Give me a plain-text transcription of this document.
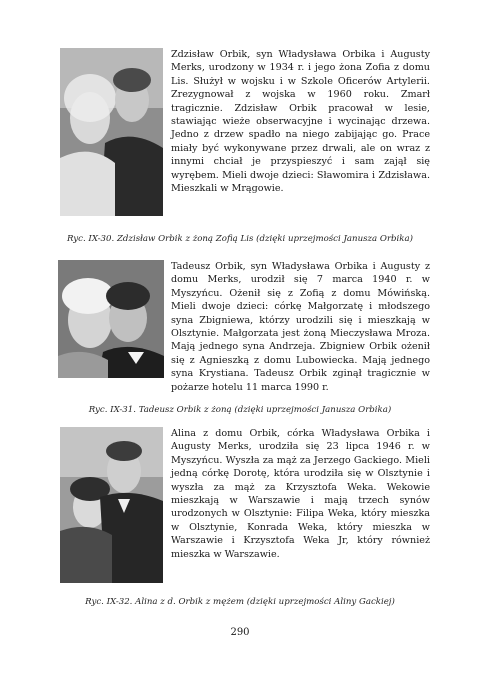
Zdzisław Orbik, syn Władysława Orbika i Augusty Merks, urodzony w 1934 r. i jego żona Zofia z domu Lis. Służył w wojsku i w Szkole Oficerów Artylerii. Zrezygnował z wojska w 1960 roku. Zmarł tragicznie. Zdzisław Orbik pracował w lesie, stawiając wieże obserwacyjne i wycinając drzewa. Jedno z drzew spadło na niego zabijając go. Prace miały być wykonywane przez drwali, ale on wraz z innymi chciał je przyspieszyć i sam zajął się wyrębem. Mieli dwoje dzieci: Sławomira i Zdzisława. Mieszkali w Mrągowie.

Ryc. IX-30. Zdzisław Orbik z żoną Zofią Lis (dzięki uprzejmości Janusza Orbika)

Tadeusz Orbik, syn Władysława Orbika i Augusty z domu Merks, urodził się 7 marca 1940 r. w Myszyńcu. Ożenił się z Zofią z domu Mówińską. Mieli dwoje dzieci: córkę Małgorzatę i młodszego syna Zbigniewa, którzy urodzili się i mieszkają w Olsztynie. Małgorzata jest żoną Mieczysława Mroza. Mają jednego syna Andrzeja. Zbigniew Orbik ożenił się z Agnieszką z domu Lubowiecka. Mają jednego syna Krystiana. Tadeusz Orbik zginął tragicznie w pożarze hotelu 11 marca 1990 r.

Ryc. IX-31. Tadeusz Orbik z żoną (dzięki uprzejmości Janusza Orbika)

Alina z domu Orbik, córka Władysława Orbika i Augusty Merks, urodziła się 23 lipca 1946 r. w Myszyńcu. Wyszła za mąż za Jerzego Gackiego. Mieli jedną córkę Dorotę, która urodziła się w Olsztynie i wyszła za mąż za Krzysztofa Weka. Wekowie mieszkają w Warszawie i mają trzech synów urodzonych w Olsztynie: Filipa Weka, który mieszka w Olsztynie, Konrada Weka, który mieszka w Warszawie i Krzysztofa Weka Jr, który również mieszka w Warszawie.

Ryc. IX-32. Alina z d. Orbik z mężem (dzięki uprzejmości Aliny Gackiej)
290
